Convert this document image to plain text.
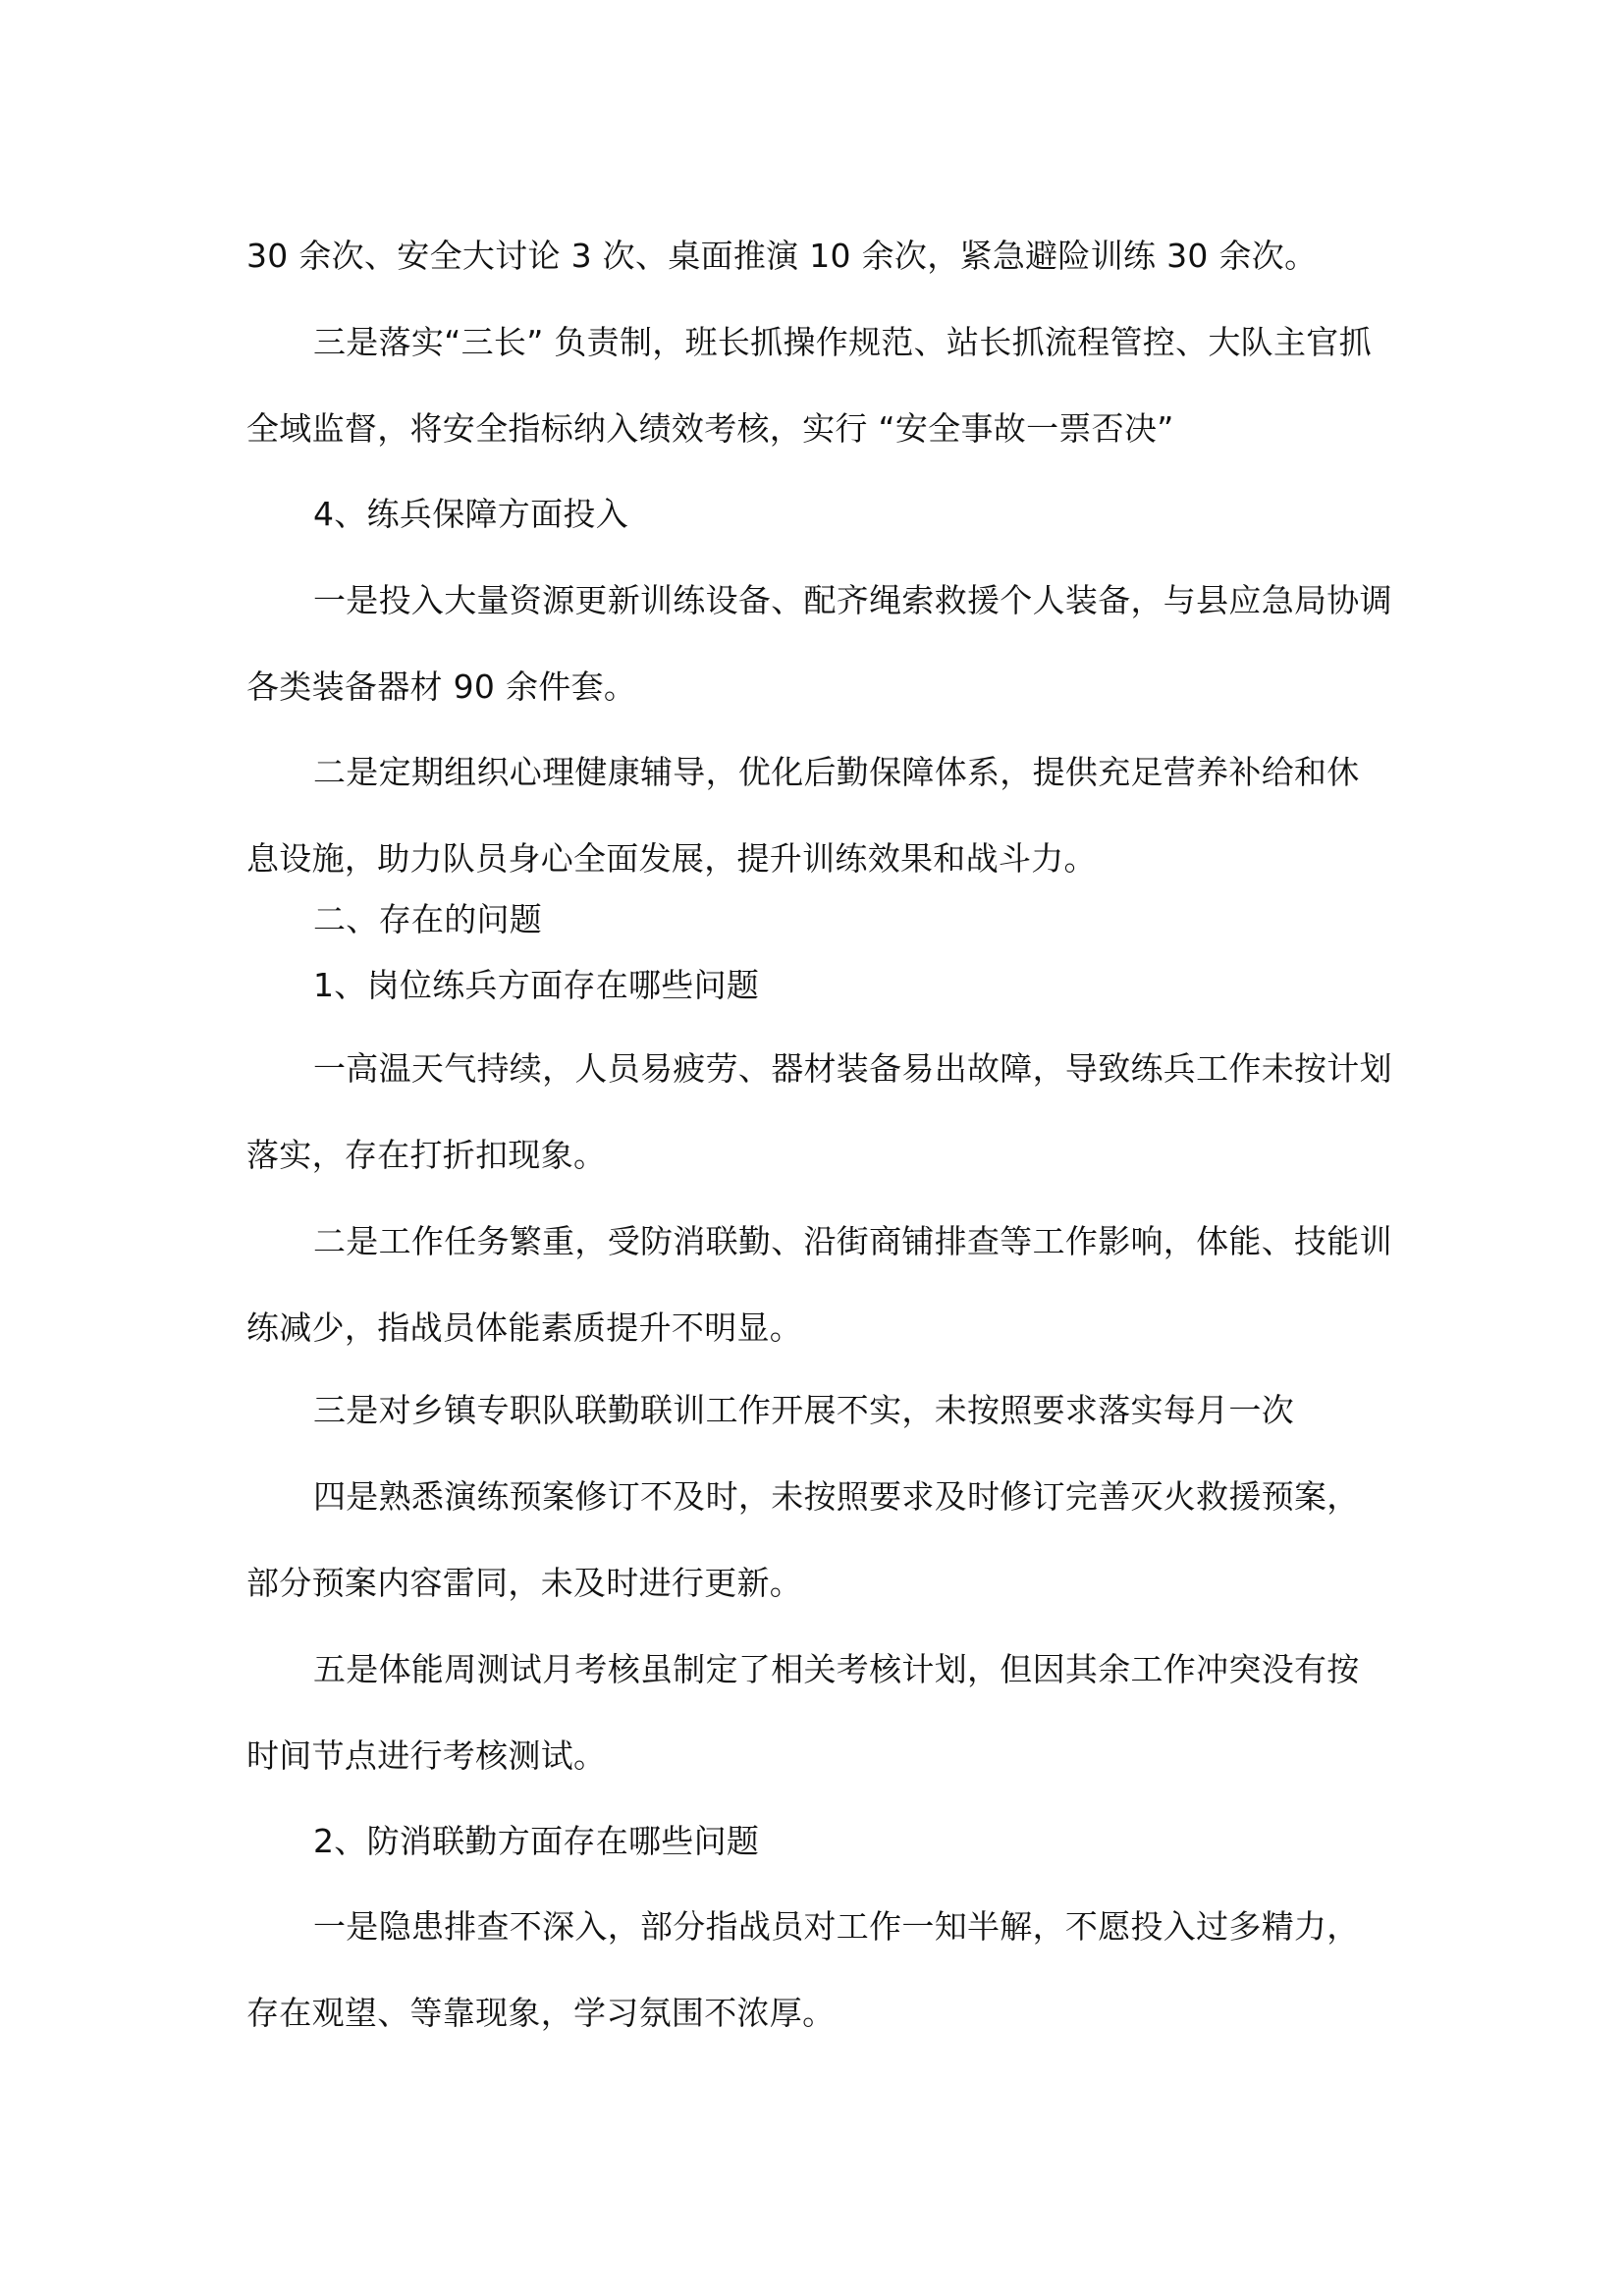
30 余次、安全大讨论 3 次、桌面推演 10 余次，紧急避险训练 30 余次。

三是落实“三长” 负责制，班长抓操作规范、站长抓流程管控、大队主官抓

全域监督，将安全指标纳入绩效考核，实行 “安全事故一票否决”

4、练兵保障方面投入

一是投入大量资源更新训练设备、配齐绳索救援个人装备，与县应急局协调

各类装备器材 90 余件套。

二是定期组织心理健康辅导，优化后勤保障体系，提供充足营养补给和休

息设施，助力队员身心全面发展，提升训练效果和战斗力。

二、存在的问题

1、岗位练兵方面存在哪些问题

一高温天气持续，人员易疲劳、器材装备易出故障，导致练兵工作未按计划

落实，存在打折扣现象。

二是工作任务繁重，受防消联勤、沿街商铺排查等工作影响，体能、技能训

练减少，指战员体能素质提升不明显。

三是对乡镇专职队联勤联训工作开展不实，未按照要求落实每月一次

四是熟悉演练预案修订不及时，未按照要求及时修订完善灭火救援预案，

部分预案内容雷同，未及时进行更新。

五是体能周测试月考核虽制定了相关考核计划，但因其余工作冲突没有按

时间节点进行考核测试。

2、防消联勤方面存在哪些问题

一是隐患排查不深入，部分指战员对工作一知半解，不愿投入过多精力，

存在观望、等靠现象，学习氛围不浓厚。
